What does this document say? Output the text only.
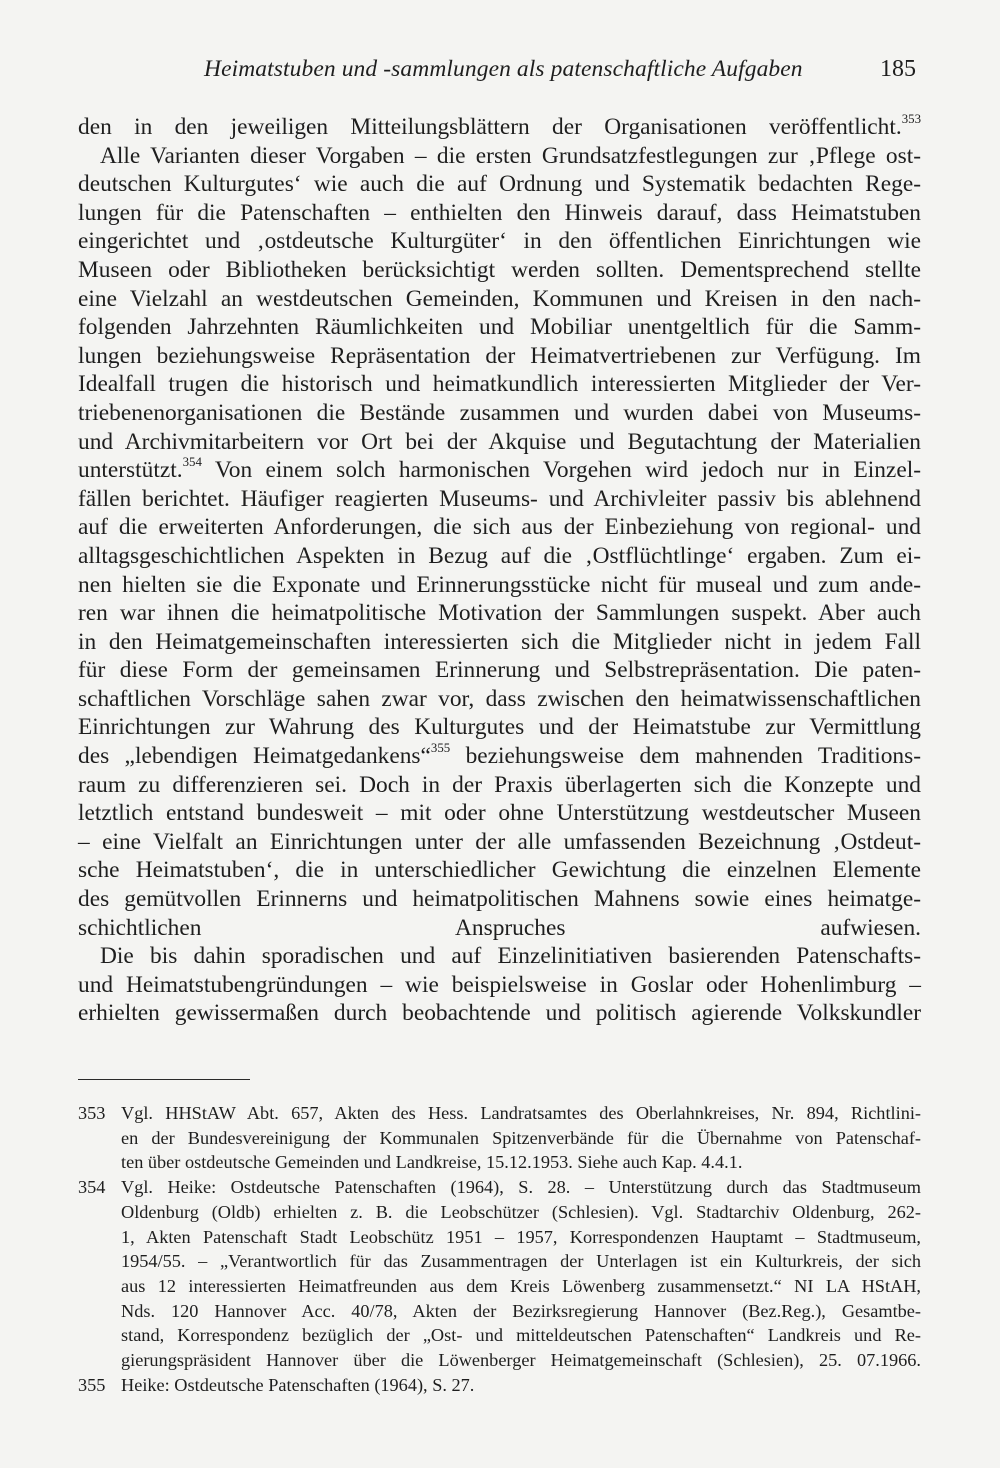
Heimatstuben und -sammlungen als patenschaftliche Aufgaben	185
den in den jeweiligen Mitteilungsblättern der Organisationen veröffentlicht.$^{353}$
Alle Varianten dieser Vorgaben – die ersten Grundsatzfestlegungen zur ‚Pflege ost-
deutschen Kulturgutes‘ wie auch die auf Ordnung und Systematik bedachten Rege-
lungen für die Patenschaften – enthielten den Hinweis darauf, dass Heimatstuben
eingerichtet und ‚ostdeutsche Kulturgüter‘ in den öffentlichen Einrichtungen wie
Museen oder Bibliotheken berücksichtigt werden sollten. Dementsprechend stellte
eine Vielzahl an westdeutschen Gemeinden, Kommunen und Kreisen in den nach-
folgenden Jahrzehnten Räumlichkeiten und Mobiliar unentgeltlich für die Samm-
lungen beziehungsweise Repräsentation der Heimatvertriebenen zur Verfügung. Im
Idealfall trugen die historisch und heimatkundlich interessierten Mitglieder der Ver-
triebenenorganisationen die Bestände zusammen und wurden dabei von Museums-
und Archivmitarbeitern vor Ort bei der Akquise und Begutachtung der Materialien
unterstützt.$^{354}$ Von einem solch harmonischen Vorgehen wird jedoch nur in Einzel-
fällen berichtet. Häufiger reagierten Museums- und Archivleiter passiv bis ablehnend
auf die erweiterten Anforderungen, die sich aus der Einbeziehung von regional- und
alltagsgeschichtlichen Aspekten in Bezug auf die ‚Ostflüchtlinge‘ ergaben. Zum ei-
nen hielten sie die Exponate und Erinnerungsstücke nicht für museal und zum ande-
ren war ihnen die heimatpolitische Motivation der Sammlungen suspekt. Aber auch
in den Heimatgemeinschaften interessierten sich die Mitglieder nicht in jedem Fall
für diese Form der gemeinsamen Erinnerung und Selbstrepräsentation. Die paten-
schaftlichen Vorschläge sahen zwar vor, dass zwischen den heimatwissenschaftlichen
Einrichtungen zur Wahrung des Kulturgutes und der Heimatstube zur Vermittlung
des „lebendigen Heimatgedankens“$^{355}$ beziehungsweise dem mahnenden Traditions-
raum zu differenzieren sei. Doch in der Praxis überlagerten sich die Konzepte und
letztlich entstand bundesweit – mit oder ohne Unterstützung westdeutscher Museen
– eine Vielfalt an Einrichtungen unter der alle umfassenden Bezeichnung ‚Ostdeut-
sche Heimatstuben‘, die in unterschiedlicher Gewichtung die einzelnen Elemente
des gemütvollen Erinnerns und heimatpolitischen Mahnens sowie eines heimatge-
schichtlichen Anspruches aufwiesen.
Die bis dahin sporadischen und auf Einzelinitiativen basierenden Patenschafts-
und Heimatstubengründungen – wie beispielsweise in Goslar oder Hohenlimburg –
erhielten gewissermaßen durch beobachtende und politisch agierende Volkskundler
353 Vgl. HHStAW Abt. 657, Akten des Hess. Landratsamtes des Oberlahnkreises, Nr. 894, Richtlini-
en der Bundesvereinigung der Kommunalen Spitzenverbände für die Übernahme von Patenschaf-
ten über ostdeutsche Gemeinden und Landkreise, 15.12.1953. Siehe auch Kap. 4.4.1.
354 Vgl. Heike: Ostdeutsche Patenschaften (1964), S. 28. – Unterstützung durch das Stadtmuseum
Oldenburg (Oldb) erhielten z. B. die Leobschützer (Schlesien). Vgl. Stadtarchiv Oldenburg, 262-
1, Akten Patenschaft Stadt Leobschütz 1951 – 1957, Korrespondenzen Hauptamt – Stadtmuseum,
1954/55. – „Verantwortlich für das Zusammentragen der Unterlagen ist ein Kulturkreis, der sich
aus 12 interessierten Heimatfreunden aus dem Kreis Löwenberg zusammensetzt.“ NI LA HStAH,
Nds. 120 Hannover Acc. 40/78, Akten der Bezirksregierung Hannover (Bez.Reg.), Gesamtbe-
stand, Korrespondenz bezüglich der „Ost- und mitteldeutschen Patenschaften“ Landkreis und Re-
gierungspräsident Hannover über die Löwenberger Heimatgemeinschaft (Schlesien), 25. 07.1966.
355 Heike: Ostdeutsche Patenschaften (1964), S. 27.
